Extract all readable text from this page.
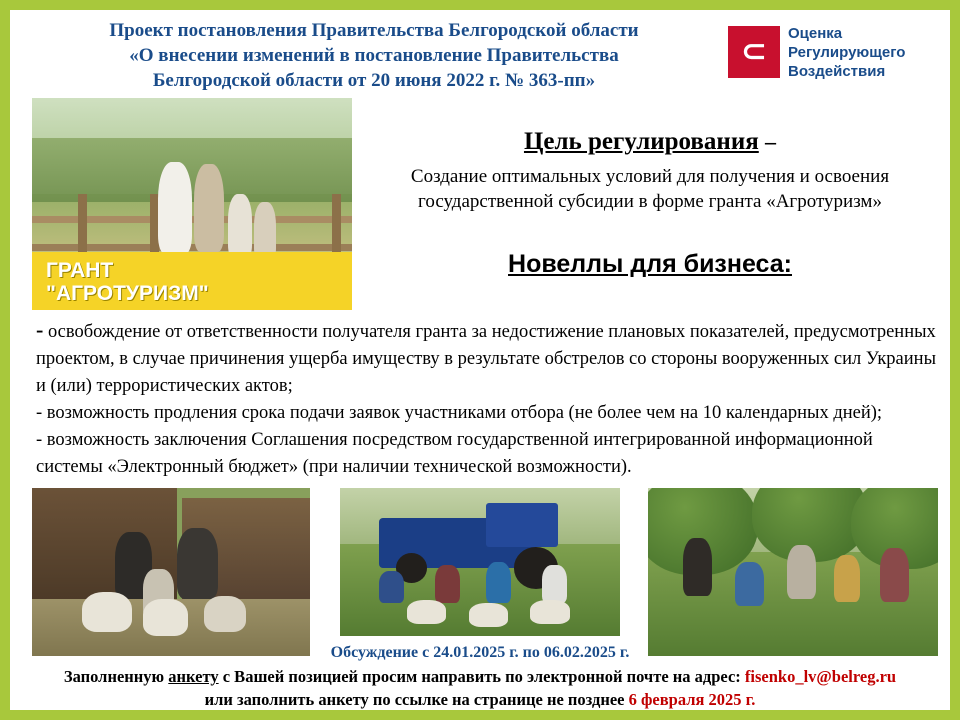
Проект постановления Правительства Белгородской области
«О внесении изменений в постановление Правительства
Белгородской области от 20 июня 2022 г. № 363-пп»
⊂
Оценка
Регулирующего
Воздействия
ГРАНТ
"АГРОТУРИЗМ"
Цель регулирования –
Создание оптимальных условий для получения и освоения государственной субсидии в форме гранта «Агротуризм»
Новеллы для бизнеса:

- освобождение от ответственности получателя гранта за недостижение плановых показателей, предусмотренных проектом, в случае причинения ущерба имуществу в результате обстрелов со стороны вооруженных сил Украины и (или) террористических актов;

- возможность продления срока подачи заявок участниками отбора (не более чем на 10 календарных дней);

- возможность заключения Соглашения посредством государственной интегрированной информационной системы «Электронный бюджет» (при наличии технической возможности).

Обсуждение с 24.01.2025 г. по 06.02.2025 г.
Заполненную анкету с Вашей позицией просим направить по электронной почте на адрес: fisenko_lv@belreg.ru
или заполнить анкету по ссылке на странице не позднее 6 февраля 2025 г.
